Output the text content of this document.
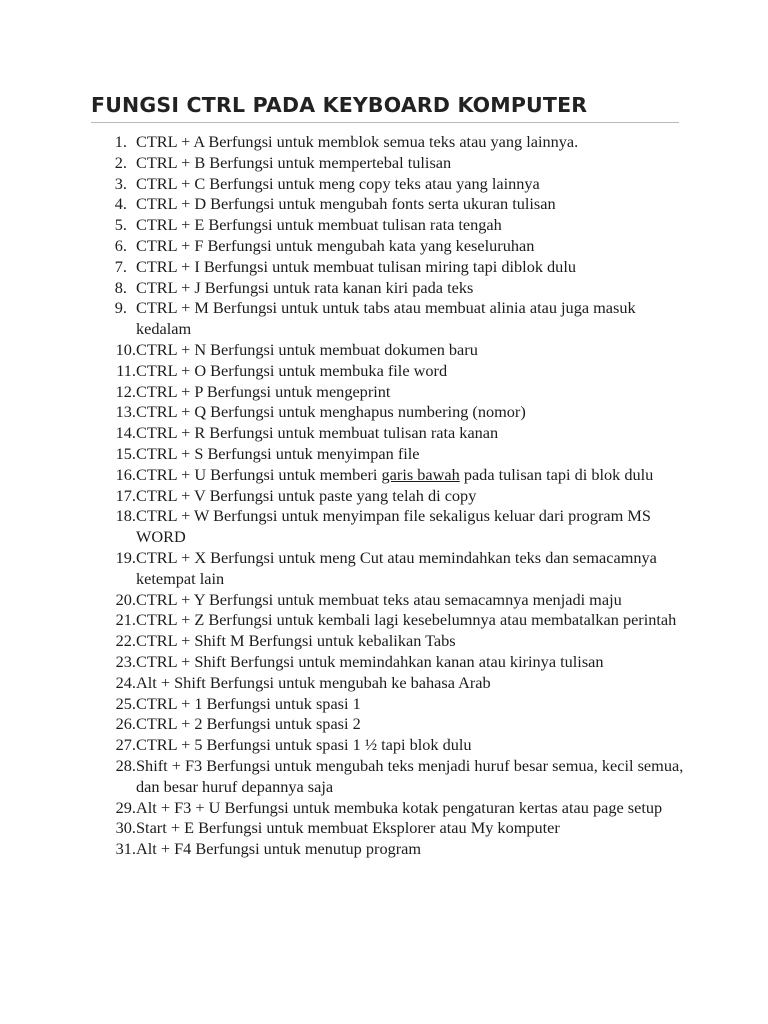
FUNGSI CTRL PADA KEYBOARD KOMPUTER
1. CTRL + A Berfungsi untuk memblok semua teks atau yang lainnya.
2. CTRL + B Berfungsi untuk mempertebal tulisan
3. CTRL + C Berfungsi untuk meng copy teks atau yang lainnya
4. CTRL + D Berfungsi untuk mengubah fonts serta ukuran tulisan
5. CTRL + E Berfungsi untuk membuat tulisan rata tengah
6. CTRL + F Berfungsi untuk mengubah kata yang keseluruhan
7. CTRL + I Berfungsi untuk membuat tulisan miring tapi diblok dulu
8. CTRL + J Berfungsi untuk rata kanan kiri pada teks
9. CTRL + M Berfungsi untuk untuk tabs atau membuat alinia atau juga masuk kedalam
10. CTRL + N Berfungsi untuk membuat dokumen baru
11. CTRL + O Berfungsi untuk membuka file word
12. CTRL + P Berfungsi untuk mengeprint
13. CTRL + Q Berfungsi untuk menghapus numbering (nomor)
14. CTRL + R Berfungsi untuk membuat tulisan rata kanan
15. CTRL + S Berfungsi untuk menyimpan file
16. CTRL + U Berfungsi untuk memberi garis bawah pada tulisan tapi di blok dulu
17. CTRL + V Berfungsi untuk paste yang telah di copy
18. CTRL + W Berfungsi untuk menyimpan file sekaligus keluar dari program MS WORD
19. CTRL + X Berfungsi untuk meng Cut atau memindahkan teks dan semacamnya ketempat lain
20. CTRL + Y Berfungsi untuk membuat teks atau semacamnya menjadi maju
21. CTRL + Z Berfungsi untuk kembali lagi kesebelumnya atau membatalkan perintah
22. CTRL + Shift M Berfungsi untuk kebalikan Tabs
23. CTRL + Shift Berfungsi untuk memindahkan kanan atau kirinya tulisan
24. Alt + Shift Berfungsi untuk mengubah ke bahasa Arab
25. CTRL + 1 Berfungsi untuk spasi 1
26. CTRL + 2 Berfungsi untuk spasi 2
27. CTRL + 5 Berfungsi untuk spasi 1 ½ tapi blok dulu
28. Shift + F3 Berfungsi untuk mengubah teks menjadi huruf besar semua, kecil semua, dan besar huruf depannya saja
29. Alt + F3 + U Berfungsi untuk membuka kotak pengaturan kertas atau page setup
30. Start + E Berfungsi untuk membuat Eksplorer atau My komputer
31. Alt + F4 Berfungsi untuk menutup program
